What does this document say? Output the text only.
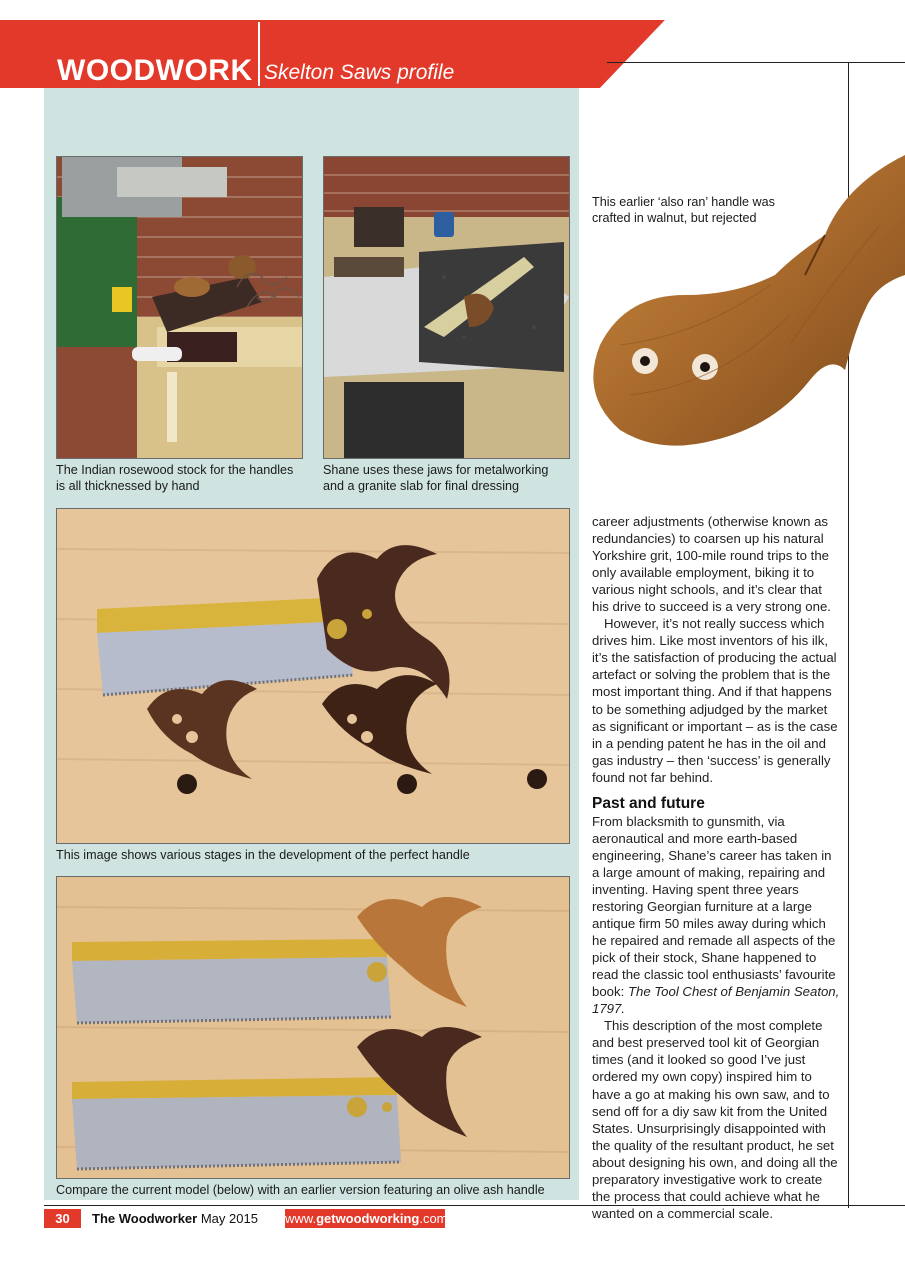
WOODWORK Skelton Saws profile
The Indian rosewood stock for the handles
is all thicknessed by hand
Shane uses these jaws for metalworking
and a granite slab for final dressing
This image shows various stages in the development of the perfect handle
Compare the current model (below) with an earlier version featuring an olive ash handle
This earlier ‘also ran’ handle was
crafted in walnut, but rejected

career adjustments (otherwise known as redundancies) to coarsen up his natural Yorkshire grit, 100-mile round trips to the only available employment, biking it to various night schools, and it’s clear that his drive to succeed is a very strong one.

However, it’s not really success which drives him. Like most inventors of his ilk, it’s the satisfaction of producing the actual artefact or solving the problem that is the most important thing. And if that happens to be something adjudged by the market as significant or important – as is the case in a pending patent he has in the oil and gas industry – then ‘success’ is generally found not far behind.

Past and future

From blacksmith to gunsmith, via aeronautical and more earth-based engineering, Shane’s career has taken in a large amount of making, repairing and inventing. Having spent three years restoring Georgian furniture at a large antique firm 50 miles away during which he repaired and remade all aspects of the pick of their stock, Shane happened to read the classic tool enthusiasts’ favourite book: The Tool Chest of Benjamin Seaton, 1797.

This description of the most complete and best preserved tool kit of Georgian times (and it looked so good I’ve just ordered my own copy) inspired him to have a go at making his own saw, and to send off for a diy saw kit from the United States. Unsurprisingly disappointed with the quality of the resultant product, he set about designing his own, and doing all the preparatory investigative work to create the process that could achieve what he wanted on a commercial scale.

30	The Woodworker May 2015 www.getwoodworking.com
